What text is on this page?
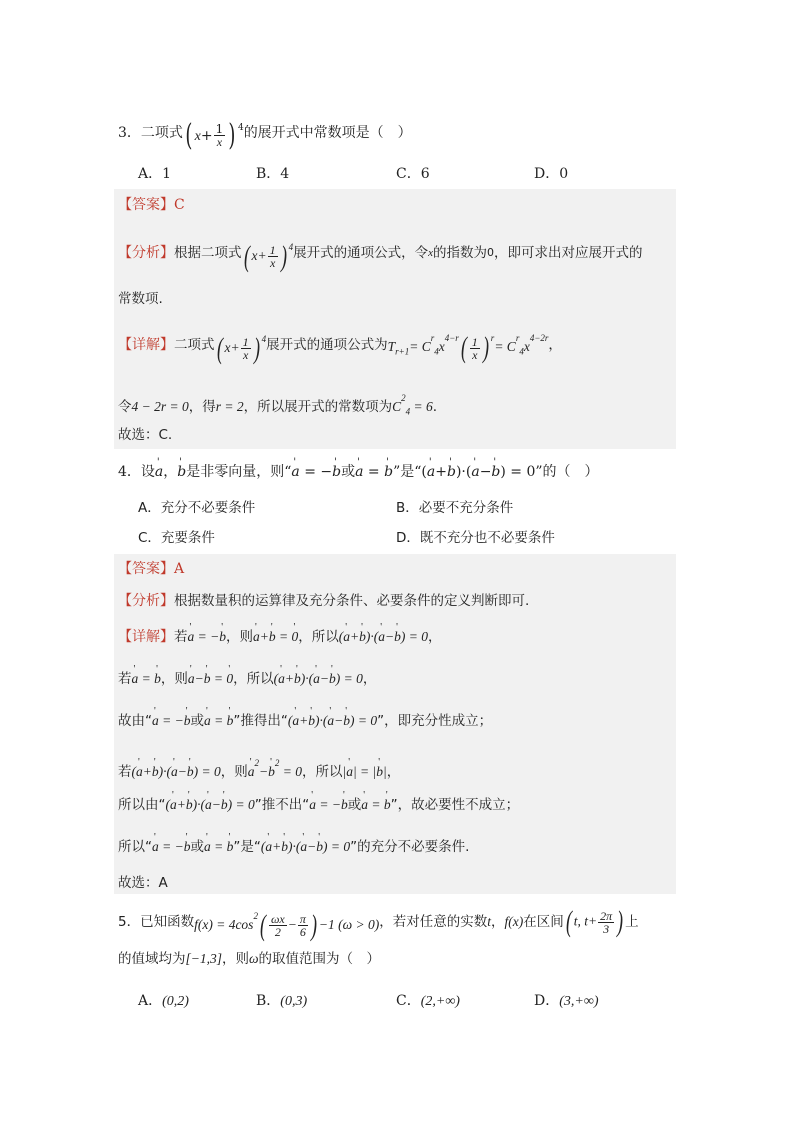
3． 二项式 ( $x+ \frac{1}{x}$ ) $^4$ 的展开式中常数项是（　）
A．1	B．4	C．6	D．0
【答案】C
【分析】 根据二项式 ( $x+ \frac{1}{x}$ ) $^4$ 展开式的通项公式，令 x 的指数为 0 ，即可求出对应展开式的
常数项.
【详解】 二项式 ( $x+ \frac{1}{x}$ ) $^4$ 展开式的通项公式为 $T_{r+1}= C^r_4x^{4-r}( \frac{1}{x}$ ) $^r= C^r_4x^{4-2r}$ ，
令4 − 2r = 0，得r = 2，所以展开式的常数项为$C^2_4 = 6$.
故选：C.
4．设' a，' b是非零向量，则“' a = −' b或' a = ' b”是“(' a+' b)·(' a−' b) = 0”的（　）
A．充分不必要条件	B．必要不充分条件
C．充要条件	D．既不充分也不必要条件
【答案】A
【分析】根据数量积的运算律及充分条件、必要条件的定义判断即可.
【详解】若' a = −' b，则' a+' b = ' 0，所以(' a+' b)·(' a−' b) = 0，
若' a = ' b，则' a−' b = ' 0，所以(' a+' b)·(' a−' b) = 0，
故由“' a = −' b或' a = ' b”推得出“(' a+' b)·(' a−' b) = 0”，即充分性成立；
若(' a+' b)·(' a−' b) = 0，则' $a^2-'$ $b^2 = 0$，所以|' a| = |' b|，
所以由“(' a+' b)·(' a−' b) = 0”推不出“' a = −' b或' a = ' b”，故必要性不成立；
所以“' a = −' b或' a = ' b”是“(' a+' b)·(' a−' b) = 0”的充分不必要条件.
故选：A
5． 已知函数 $f(x) = 4\cos^2( \frac{\omega x}{2} - \frac{\pi}{6}$ ) −1 (ω > 0) ，若对任意的实数 t ， f(x) 在区间 ( t, $t+ \frac{2\pi}{3}$ ) 上
的值域均为[−1,3]，则ω的取值范围为（　）
A．(0,2)	B．(0,3)	C．(2,+∞)	D．(3,+∞)
